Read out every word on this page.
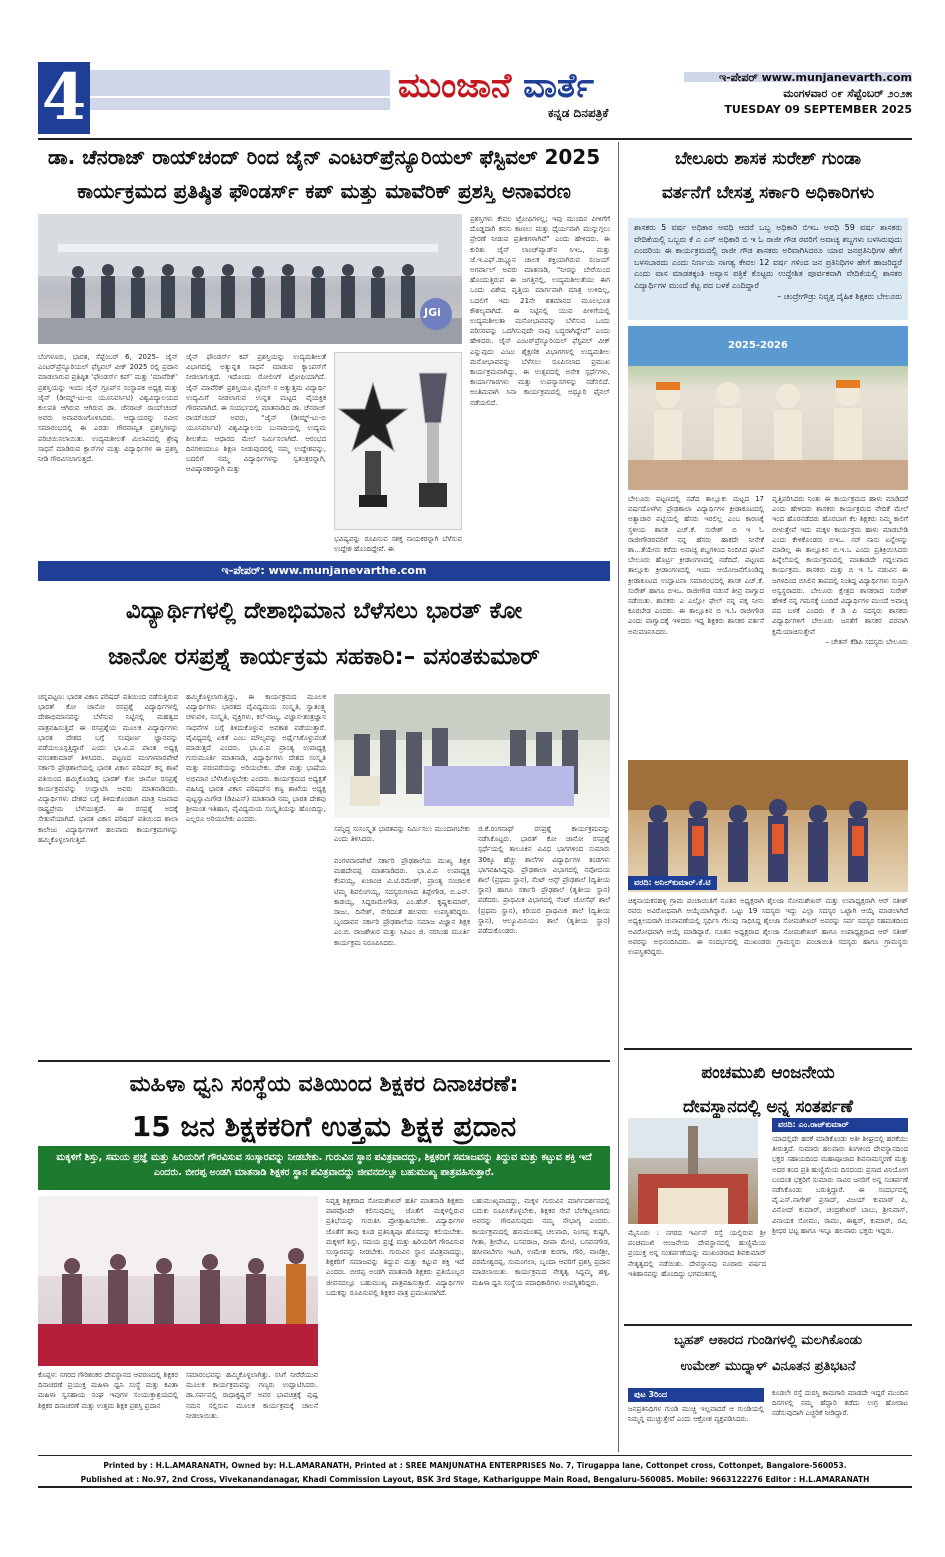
4	ಮುಂಜಾನೆ ವಾರ್ತೆ
ಕನ್ನಡ ದಿನಪತ್ರಿಕೆ
ಇ-ಪೇಪರ್ www.munjanevarth.com
ಮಂಗಳವಾರ ೦೯ ಸೆಪ್ಟೆಂಬರ್ ೨೦೨೫
TUESDAY 09 SEPTEMBER 2025
ಡಾ. ಚೆನರಾಜ್ ರಾಯ್‌ಚಂದ್ ರಿಂದ ಜೈನ್ ಎಂಟರ್‌ಪ್ರೆನ್ಯೂರಿಯಲ್ ಫೆಸ್ಟಿವಲ್ 2025
ಕಾರ್ಯಕ್ರಮದ ಪ್ರತಿಷ್ಠಿತ ಫೌಂಡರ್ಸ್ ಕಪ್ ಮತ್ತು ಮಾವೆರಿಕ್ ಪ್ರಶಸ್ತಿ ಅನಾವರಣ
JGi
ಬೆಂಗಳೂರು, ಭಾರತ, ಸೆಪ್ಟೆಂಬರ್ 6, 2025– ಜೈನ್ ಎಂಟರ್‌ಪ್ರೆನ್ಯೂರಿಯಲ್ ಫೆಸ್ಟಿವಲ್ ವೀಕ್ 2025 ರಲ್ಲಿ ಪ್ರದಾನ ಮಾಡಲಾಗುವ ಪ್ರತಿಷ್ಠಿತ ‘ಫೌಂಡರ್ಸ್ ಕಪ್’ ಮತ್ತು ‘ಮಾವೆರಿಕ್’ ಪ್ರಶಸ್ತಿಯನ್ನು ಇಂದು ಜೈನ್ ಗ್ರೂಪ್‌ನ ಸಂಸ್ಥಾಪಕ ಅಧ್ಯಕ್ಷ ಮತ್ತು ಜೈನ್ (ಡೀಮ್ಡ್-ಟು-ಬಿ ಯೂನಿವರ್ಸಿಟಿ) ವಿಶ್ವವಿದ್ಯಾಲಯದ ಕುಲಪತಿ ಆಗಿರುವ ಆಗಿರುವ ಡಾ. ಚೆನರಾಜ್ ರಾಯ್‌ಚಂದ್ ಅವರು ಅನಾವರಣಗೊಳಿಸಿದರು. ಆದ್ಯಾಯರನ್ನು ನವೀನ ಸಮಾರಂಭದಲ್ಲಿ ಈ ಎರಡು ಗೌರವಾನ್ವಿತ ಪ್ರಶಸ್ತಿಗಳನ್ನು ಪರಿಚಯಿಸಲಾಯಿತು. ಉದ್ಯಮಶೀಲತೆ ಮಿಲಾಪದಲ್ಲಿ ಶ್ರೇಷ್ಠ ಸಾಧನೆ ಮಾಡಿರುವ ಕ್ಲಾಸ್‌ಗಳ ಮತ್ತು ವಿದ್ಯಾರ್ಥಿಗಳ ಈ ಪ್ರಶಸ್ತಿ ನೀಡಿ ಗೌರವಿಸಲಾಗುತ್ತದೆ.
ಜೈನ್ ಫೌಂಡರ್ಸ್ ಕಪ್ ಪ್ರಶಸ್ತಿಯನ್ನು ಉದ್ಯಮಶೀಲತೆ ವಿಭಾಗದಲ್ಲಿ ಅತ್ಯುನ್ನತ ಸಾಧನೆ ಮಾಡುವ ಕ್ಯಾಂಪಸ್‌ಗೆ ನೀಡಲಾಗುತ್ತದೆ. ಇದೊಂದು ರೋಲಿಂಗ್ ಟ್ರೋಫಿಯಾಗಿದೆ. ಜೈನ್ ಮಾವೆರಿಕ್ ಪ್ರಶಸ್ತಿಯೂ ಫೈನಲ್ ನ ಅತ್ಯುತ್ತಮ ವಿದ್ಯಾರ್ಥಿ ಉದ್ಯಮಿಗೆ ನೀಡಲಾಗುವ ಉನ್ನತ ಮಟ್ಟದ ವೈಯಕ್ತಿಕ ಗೌರವವಾಗಿದೆ. ಈ ಸಂದರ್ಭದಲ್ಲಿ ಮಾತನಾಡಿದ ಡಾ. ಚೆನರಾಜ್ ರಾಯ್‌ಚಂದ್ ಅವರು, “ಜೈನ್ (ಡೀಮ್ಡ್-ಟು-ಬಿ ಯೂನಿವರ್ಸಿಟಿ) ವಿಶ್ವವಿದ್ಯಾಲಯ ಬುನಾದಿಯಲ್ಲಿ ಉದ್ಯಮ ಶೀಲತೆಯ ಆಧಾರದ ಮೇಲೆ ನಿರ್ಮಿಸಲಾಗಿದೆ. ಆರಂಭದ ದಿನಗಳಿಂದಲೂ ಶಿಕ್ಷಣ ನೀಡುವುದರಲ್ಲಿ ನಮ್ಮ ಉದ್ದೇಶವನ್ನು, ಬದಲಿಗೆ ನಮ್ಮ ವಿದ್ಯಾರ್ಥಿಗಳನ್ನು ಸ್ವತಂತ್ರರನ್ನಾಗಿ, ಆವಿಷ್ಕಾರಕರನ್ನಾಗಿ ಮತ್ತು
ಭವಿಷ್ಯವನ್ನು ರೂಪಿಸುವ ಸಶಕ್ತ ನಾಯಕರನ್ನಾಗಿ ಬೆಳೆಸುವ ಉದ್ದೇಶ ಹೊಂದಿದ್ದೇವೆ. ಈ
ಪ್ರಶಸ್ತಿಗಳು ಕೇವಲ ಟ್ರೋಫಿಗಳಲ್ಲ; ಇವು ಮುಂದಿನ ಪೀಳಿಗೆಗೆ ದೊಡ್ಡದಾಗಿ ಕನಸು ಕಾಣಲು ಮತ್ತು ಧೈರ್ಯವಾಗಿ ಮುನ್ನುಗ್ಗಲು ಪ್ರೇರಣೆ ನೀಡುವ ಪ್ರತೀಕಗಳಾಗಿವೆ” ಎಂದು ಹೇಳಿದರು. ಈ ಕುರಿತು ಜೈನ್ ಲಾಂಚ್‌ಪ್ಯಾಡ್‌ನ ಸಿಇಒ, ಮತ್ತು ಜೆ.ಇ.ಎಫ್.ಡಬ್ಲ್ಯೂನ ಚಾಲಕ ಶಕ್ತಿಯಾಗಿರುವ ಸಂಜಯ್ ಅಗರ್ವಾಲ್ ಅವರು ಮಾತನಾಡಿ, “ನೀರನ್ನು ಬೇರೆಯಿಂದ ಹೊಂದುತ್ತಿರುವ ಈ ಜಗತ್ತಿನಲ್ಲಿ, ಉದ್ಯಮಶೀಲತೆಯು ಈಗ ಒಂದು ವಿಶೇಷ ವೃತ್ತಿಯ ಮಾರ್ಗವಾಗಿ ಮಾತ್ರ ಉಳಿದಿಲ್ಲ, ಬದಲಿಗೆ ಇದು 21ನೇ ಶತಮಾನದ ಮೂಲಭೂತ ಕೌಶಲ್ಯವಾಗಿದೆ. ಈ ನಿಟ್ಟಿನಲ್ಲಿ ಯುವ ಪೀಳಿಗೆಯಲ್ಲಿ ಉದ್ಯಮಶೀಲತಾ ಮನೋಭಾವವನ್ನು ಬೆಳೆಸುವ ಒಂದು ಪರಿಸರವನ್ನು ಒದಗಿಸುವುದೇ ನಾವು ಬದ್ಧರಾಗಿದ್ದೇವೆ” ಎಂದು ಹೇಳಿದರು. ಜೈನ್ ಎಂಟರ್‌ಪ್ರೆನ್ಯೂರಿಯಲ್ ಫೆಸ್ಟಿವಲ್ ವೀಕ್ ಎನ್ನುವುದು ಎಂಟು ಶೈಕ್ಷಣಿಕ ವಿಭಾಗಗಳಲ್ಲಿ ಉದ್ಯಮಶೀಲ ಮನೋಭಾವವನ್ನು ಬೆಳೆಸಲು ರೂಪಿಸಲಾದ ಪ್ರಮುಖ ಕಾರ್ಯಕ್ರಮವಾಗಿದ್ದು, ಈ ಉತ್ಸವದಲ್ಲಿ ಅನೇಕ ಸ್ಪರ್ಧೆಗಳು, ಕಾರ್ಯಾಗಾರಗಳು ಮತ್ತು ಉಪನ್ಯಾಸಗಳನ್ನು ನಡೆಸಲಿದೆ. ಅಂತಿಮವಾಗಿ ಸಿನಾ ಕಾರ್ಯಕ್ರಮದಲ್ಲಿ ಅಧ್ಯೂರಿ ಫೈನಲ್ ನಡೆಯಲಿದೆ.
ಇ-ಪೇಪರ್: www.munjanevarthe.com
ವಿದ್ಯಾರ್ಥಿಗಳಲ್ಲಿ ದೇಶಾಭಿಮಾನ ಬೆಳೆಸಲು ಭಾರತ್ ಕೋ
ಜಾನೋ ರಸಪ್ರಶ್ನೆ ಕಾರ್ಯಕ್ರಮ ಸಹಕಾರಿ:– ವಸಂತಕುಮಾರ್
ಚನ್ನಪಟ್ಟಣ: ಭಾರತ ವಿಕಾಸ ಪರಿಷದ್ ವತಿಯಿಂದ ನಡೆಸುತ್ತಿರುವ ಭಾರತ್ ಕೋ ಜಾನೋ ರಸಪ್ರಶ್ನೆ ವಿದ್ಯಾರ್ಥಿಗಳಲ್ಲಿ ದೇಶಾಭಿಮಾನವನ್ನು ಬೆಳೆಸುವ ನಿಟ್ಟಿನಲ್ಲಿ ಮಹತ್ವದ ಪಾತ್ರವಹಿಸುತ್ತಿದೆ ಈ ರಸಪ್ರಶ್ನೆಯ ಮೂಲಕ ವಿದ್ಯಾರ್ಥಿಗಳು ಭಾರತ ದೇಶದ ಬಗ್ಗೆ ಸಂಪೂರ್ಣ ಜ್ಞಾನವನ್ನು ಪಡೆಯಲೂಸ್ಪತ್ತಿದ್ದಾರೆ ಎಂದು ಭಾ.ವಿ.ಪ ಪಾಂತ ಅಧ್ಯಕ್ಷ ವಸಂತಕುಮಾರ್ ತಿಳಿಸಿದರು. ಪಟ್ಟಣದ ಮಂಗಳವಾರಪೇಟೆ ಸರ್ಕಾರಿ ಪ್ರೌಢಶಾಲೆಯಲ್ಲಿ ಭಾರತ ವಿಕಾಸ ಪರಿಷದ್ ಕನ್ನ ಶಾಖೆ ವತಿಯಿಂದ ಹಮ್ಮಿಕೊಂಡಿದ್ದ ಭಾರತ್ ಕೋ ಜಾನೋ ರಸಪ್ರಶ್ನೆ ಕಾರ್ಯಕ್ರಮವನ್ನು ಉದ್ಘಾಟಿಸಿ ಅವರು ಮಾತನಾಡಿದರು. ವಿದ್ಯಾರ್ಥಿಗಳು ದೇಶದ ಬಗ್ಗೆ ತಿಳಿದುಕೊಂಡಾಗ ಮಾತ್ರ ನಿಜವಾದ ರಾಷ್ಟ್ರಪ್ರೇಮ ಬೆಳೆಯುತ್ತದೆ. ಈ ರಸಪ್ರಶ್ನೆ ಅದಕ್ಕೆ ಸೇತುವೆಯಾಗಿದೆ. ಭಾರತ ವಿಕಾಸ ಪರಿಷದ್ ವತಿಯಿಂದ ಶಾಲಾ ಕಾಲೇಜು ವಿದ್ಯಾರ್ಥಿಗಳಿಗೆ ಹಲವಾರು ಕಾರ್ಯಕ್ರಮಗಳನ್ನು ಹಮ್ಮಿಕೊಳ್ಳಲಾಗುತ್ತಿದೆ.
ಹಮ್ಮಿಕೊಳ್ಳಲಾಗುತ್ತಿದ್ದು, ಈ ಕಾರ್ಯಕ್ರಮದ ಮೂಲಕ ವಿದ್ಯಾರ್ಥಿಗಳು ಭಾರತದ ವೈವಿಧ್ಯಮಯ ಸಂಸ್ಕೃತಿ, ಸ್ವಾತಂತ್ರ್ಯ ಚಳುವಳಿ, ಸಂಸ್ಕೃತಿ, ವ್ಯಕ್ತಿಗಳು, ಕಲೆ-ನಾಟ್ಯ, ವಿಜ್ಞಾನ-ತಂತ್ರಜ್ಞಾನ ಸಾಧನೆಗಳ ಬಗ್ಗೆ ತಿಳಿದುಕೊಳ್ಳುವ ಅವಕಾಶ ಪಡೆಯುತ್ತಾರೆ. ವೈವಿಧ್ಯದಲ್ಲಿ ಏಕತೆ ಎಂಬ ಮೌಲ್ಯವನ್ನು ಅರ್ಥೈಸಿಕೊಳ್ಳುವಂತೆ ಮಾಡುತ್ತದೆ ಎಂದರು. ಭಾ.ವಿ.ಪ ಪ್ರಾಂತ್ಯ ಉಪಾಧ್ಯಕ್ಷ ಗುರುಮೂರ್ತಿ ಮಾತನಾಡಿ, ವಿದ್ಯಾರ್ಥಿಗಳು ದೇಶದ ಸಂಸ್ಕೃತಿ ಮತ್ತು ಪರಂಪರೆಯನ್ನು ಅರಿಯಬೇಕು. ದೇಶ ಮತ್ತು ಭಾಷೆಯ ಅಭಿಮಾನ ಬೆಳೆಸಿಕೊಳ್ಳಬೇಕು ಎಂದರು. ಕಾರ್ಯಕ್ರಮದ ಅಧ್ಯಕ್ಷತೆ ವಹಿಸಿದ್ದ ಭಾರತ ವಿಕಾಸ ಪರಿಷದ್‌ನ ಕಣ್ವ ಶಾಖೆಯ ಅಧ್ಯಕ್ಷ ಪುಟ್ಟಸ್ವಾಮಿಗೌಡ (ಡಿಪಿಎಸ್) ಮಾತನಾಡಿ ನಮ್ಮ ಭಾರತ ದೇಶವು ಶ್ರೀಮಂತ ಇತಿಹಾಸ, ವೈವಿಧ್ಯಮಯ ಸಂಸ್ಕೃತಿಯನ್ನು ಹೊಂದಿದ್ದು, ಎಲ್ಲರೂ ಅರಿಯಬೇಕು ಎಂದರು.
ಸಮೃದ್ಧ ಸುಸಂಸ್ಕೃತ ಭಾರತವನ್ನು ನಿರ್ಮಿಸಲು ಮುಂದಾಗಬೇಕು ಎಂದು ತಿಳಿಸಿದರು.
ವಂಗಳವಾರಪೇಟೆ ಸರ್ಕಾರಿ ಪ್ರೌಢಶಾಲೆಯ ಮುಖ್ಯ ಶಿಕ್ಷಕ ಮಹದೇವಪ್ಪ ಮಾತನಾಡಿದರು. ಭಾ.ವಿ.ಪ ಉಪಾಧ್ಯಕ್ಷ ಕೆಂಪಯ್ಯ, ಖಜಾಂಚಿ ವಿ.ಟಿ.ರಮೇಶ್, ಪ್ರಾಂತ್ಯ ಸಂಚಾಲಕ ಟಿಮ್ಮ ಶಿವಲಿಂಗಯ್ಯ, ಸದಸ್ಯರುಗಳಾದ ತಿಪ್ಪೇಗೌಡ, ಬಿ.ಎನ್. ಕಾಡಯ್ಯ, ಸಿದ್ದರಾಮೇಗೌಡ, ಎಂ.ಹೆಚ್. ಕೃಷ್ಣಕುಮಾರ್, ರಾಜು, ದಿನೇಶ್, ಸೇರಿದಂತೆ ಹಲವರು ಉಪಸ್ಥಿತರಿದ್ದರು. ಬೃಂದಾವನ ಸರ್ಕಾರಿ ಪ್ರೌಢಶಾಲೆಯ ಸಮಾಜ ವಿಜ್ಞಾನ ಶಿಕ್ಷಕ ಎಂ.ಬಿ. ರಾಜಶೇಖರ ಮತ್ತು ಸಿಪಿಎಂ ಜಿ. ನರಸಿಂಹ ಮೂರ್ತಿ ಕಾರ್ಯಕ್ರಮ ನಿರೂಪಿಸಿದರು.
ಜಿ.ಕೆ.ರಂಗನಾಥ್ ರಸಪ್ರಶ್ನೆ ಕಾರ್ಯಕ್ರಮವನ್ನು ನಡೆಸಿಕೊಟ್ಟರು. ಭಾರತ್ ಕೋ ಜಾನೋ ರಸಪ್ರಶ್ನೆ ಸ್ಪರ್ಧೆಯಲ್ಲಿ ತಾಲೂಕಿನ ವಿವಿಧ ಭಾಗಗಳಿಂದ ಸುಮಾರು 30ಕ್ಕೂ ಹೆಚ್ಚು ಶಾಲೆಗಳ ವಿದ್ಯಾರ್ಥಿಗಳ ತಂಡಗಳು ಭಾಗವಹಿಸಿದ್ದವು. ಪ್ರೌಢಶಾಲಾ ವಿಭಾಗದಲ್ಲಿ ನವೋದಯ ಶಾಲೆ (ಪ್ರಥಮ ಸ್ಥಾನ), ಸೆಂಟ್ ಆನ್ಸ್ ಪ್ರೌಢಶಾಲೆ (ದ್ವಿತೀಯ ಸ್ಥಾನ) ಹಾಗೂ ಸರ್ಕಾರಿ ಪ್ರೌಢಶಾಲೆ (ತೃತೀಯ ಸ್ಥಾನ) ಪಡೆದರು. ಪ್ರಾಥಮಿಕ ವಿಭಾಗದಲ್ಲಿ ಸೆಂಟ್ ಜೋಸೆಫ್ ಶಾಲೆ (ಪ್ರಥಮ ಸ್ಥಾನ), ಕಿರಿಯರ ಪ್ರಾಥಮಿಕ ಶಾಲೆ (ದ್ವಿತೀಯ ಸ್ಥಾನ), ಆಲ್ಯೂಮಿನಿಯಂ ಶಾಲೆ (ತೃತೀಯ ಸ್ಥಾನ) ಪಡೆದುಕೊಂಡರು.
ಮಹಿಳಾ ಧ್ವನಿ ಸಂಸ್ಥೆಯ ವತಿಯಿಂದ ಶಿಕ್ಷಕರ ದಿನಾಚರಣೆ:
15 ಜನ ಶಿಕ್ಷಕಕರಿಗೆ ಉತ್ತಮ ಶಿಕ್ಷಕ ಪ್ರದಾನ
ಮಕ್ಕಳಿಗೆ ಶಿಸ್ತು, ಸಮಯ ಪ್ರಜ್ಞೆ ಮತ್ತು ಹಿರಿಯರಿಗೆ ಗೌರವಿಸುವ ಸಂಸ್ಕಾರವನ್ನು ನೀಡಬೇಕು. ಗುರುವಿನ ಸ್ಥಾನ ಪವಿತ್ರವಾದದ್ದು, ಶಿಕ್ಷಕರಿಗೆ ಸಮಾಜವನ್ನು ತಿದ್ದುವ ಮತ್ತು ಕಟ್ಟುವ ಶಕ್ತಿ ಇದೆ ಎಂದರು. ಬೀರಪ್ಪ ಅಂಡಗಿ ಮಾತನಾಡಿ ಶಿಕ್ಷಕರ ಸ್ಥಾನ ಪವಿತ್ರವಾದದ್ದು ಜೀವನದಲ್ಲೂ ಬಹುಮುಖ್ಯ ಪಾತ್ರವಹಿಸುತ್ತಾರೆ.
ಕೊಪ್ಪಳ: ನಗರದ ಗೌರಿಶಂಕರ ದೇವಸ್ಥಾನದ ಆವರಣದಲ್ಲಿ ಶಿಕ್ಷಕರ ದಿನಾಚರಣೆ ಪ್ರಯುಕ್ತ ಮಹಿಳಾ ಧ್ವನಿ ಸಂಸ್ಥೆ ಮತ್ತು ಕವಿತಾ ಮಹಿಳಾ ಸ್ವಸಹಾಯ ಸಂಘ ಇವುಗಳ ಸಂಯುಕ್ತಾಶ್ರಯದಲ್ಲಿ ಶಿಕ್ಷಕರ ದಿನಾಚರಣೆ ಮತ್ತು ಉತ್ತಮ ಶಿಕ್ಷಕ ಪ್ರಶಸ್ತಿ ಪ್ರದಾನ
ಸಮಾರಂಭವನ್ನು ಹಮ್ಮಿಕೊಳ್ಳಲಾಗಿತ್ತು. ಸಸಿಗೆ ನೀರೆರೆಯುವ ಮೂಲಕ ಕಾರ್ಯಕ್ರಮವನ್ನು ಗಣ್ಯರು ಉದ್ಘಾಟಿಸಿದರು. ಡಾ.ಸರ್ವಪಲ್ಲಿ ರಾಧಾಕೃಷ್ಣನ್ ಅವರ ಭಾವಚಿತ್ರಕ್ಕೆ ಪುಷ್ಪ ನಮನ ಸಲ್ಲಿಸುವ ಮೂಲಕ ಕಾರ್ಯಕ್ರಮಕ್ಕೆ ಚಾಲನೆ ನೀಡಲಾಯಿತು.
ನಿವೃತ್ತ ಶಿಕ್ಷಕರಾದ ಸೋಮಶೇಖರ್ ಹರ್ತಿ ಮಾತನಾಡಿ ಶಿಕ್ಷಕರು ಪಾಠವೊಂದೇ ಕಲಿಸುವುದಲ್ಲ ಜೊತೆಗೆ ಮಕ್ಕಳಲ್ಲಿರುವ ಪ್ರತಿಭೆಯನ್ನು ಗುರುತಿಸಿ ಪ್ರೋತ್ಸಾಹಿಸಬೇಕು. ವಿದ್ಯಾರ್ಥಿಗಳ ಜೊತೆಗೆ ತಾವು ಕೂಡ ಪ್ರತಿನಿತ್ಯವೂ ಹೊಸದನ್ನು ಕಲಿಯಬೇಕು. ಮಕ್ಕಳಿಗೆ ಶಿಸ್ತು, ಸಮಯ ಪ್ರಜ್ಞೆ ಮತ್ತು ಹಿರಿಯರಿಗೆ ಗೌರವಿಸುವ ಸಂಸ್ಕಾರವನ್ನು ನೀಡಬೇಕು. ಗುರುವಿನ ಸ್ಥಾನ ಪವಿತ್ರವಾದದ್ದು, ಶಿಕ್ಷಕರಿಗೆ ಸಮಾಜವನ್ನು ತಿದ್ದುವ ಮತ್ತು ಕಟ್ಟುವ ಶಕ್ತಿ ಇದೆ ಎಂದರು. ಬೀರಪ್ಪ ಅಂಡಗಿ ಮಾತನಾಡಿ ಶಿಕ್ಷಕರು ಪ್ರತಿಯೊಬ್ಬರ ಜೀವನದಲ್ಲೂ ಬಹುಮುಖ್ಯ ಪಾತ್ರವಹಿಸುತ್ತಾರೆ. ವಿದ್ಯಾರ್ಥಿಗಳ ಬದುಕನ್ನು ರೂಪಿಸುವಲ್ಲಿ ಶಿಕ್ಷಕರ ಪಾತ್ರ ಪ್ರಮುಖವಾಗಿದೆ.
ಬಹುಮುಖ್ಯವಾದದ್ದು, ಮಕ್ಕಳ ಗುರುವಿನ ಮಾರ್ಗದರ್ಶನದಲ್ಲಿ ಬದುಕು ರೂಪಿಸಿಕೊಳ್ಳಬೇಕು, ಶಿಕ್ಷಕರ ಸೇವೆ ಬೆಲೆಕಟ್ಟಲಾಗದು ಅವರನ್ನು ಗೌರವಿಸುವುದು ನಮ್ಮ ಸೌಭಾಗ್ಯ ಎಂದರು. ಕಾರ್ಯಕ್ರಮದಲ್ಲಿ ಹನುಮಂತಪ್ಪ ಚಲವಾದಿ, ನಿಂಗಪ್ಪ ಕುಷ್ಟಗಿ, ಗೀತಾ, ಶ್ರೀದೇವಿ, ಬಸವರಾಜ, ದೀಪಾ ಮೇಟಿ, ಬಸವನಗೌಡ, ಹಸೀನಾಬೇಗಂ ಇಟಗಿ, ಉಮೇಶ ಕುರಗಾ, ಗೌರಿ, ವಾಣಿಶ್ರೀ, ಪರಮೇಶ್ವರಪ್ಪ, ಸುಮಂಗಲಾ, ಬೃಂದಾ ಆವರಿಗೆ ಪ್ರಶಸ್ತಿ ಪ್ರದಾನ ಮಾಡಲಾಯಿತು. ಕಾರ್ಯಕ್ರಮದ ನೇತೃತ್ವ ಸಿದ್ದಮ್ಮ ಹಳ್ಳಿ, ಮಹಿಳಾ ಧ್ವನಿ ಸಂಸ್ಥೆಯ ಪದಾಧಿಕಾರಿಗಳು ಉಪಸ್ಥಿತರಿದ್ದರು.
ಬೇಲೂರು ಶಾಸಕ ಸುರೇಶ್ ಗುಂಡಾ
ವರ್ತನೆಗೆ ಬೇಸತ್ತ ಸರ್ಕಾರಿ ಅಧಿಕಾರಿಗಳು
ಶಾಸಕರು 5 ವರ್ಷ ಅಧಿಕಾರ ಅವಧಿ ಆದರೆ ಒಬ್ಬ ಅಧಿಕಾರಿ ಬಿಇಒ ಅವಧಿ 59 ವರ್ಷ ಶಾಸಕರು ವೇದಿಕೆಯಲ್ಲಿ ಒಬ್ಬರು ಕೆ ಎ ಎಸ್ ಅಧಿಕಾರಿ ಬಿ ಇ ಓ ರಾಜೀ ಗೌಡ ರವರಿಗೆ ಅವಾಚ್ಯ ಶಬ್ದಗಳು ಬಳಸಿರುವುದು ಎಂದರಿಯ ಈ ಕಾರ್ಯಕ್ರಮದಲ್ಲಿ ರಾಜೀ ಗೌಡ ಶಾಸಕರು ಅರಿವಾಗಿಸಿದರೂ ಯಾವ ಜನಪ್ರತಿನಿಧಿಗಳ ಹೇಗೆ ಬಳಸಬಾರದು ಎಂದು ನಿರ್ಣಯ ನಾಗತ್ವ ಕೇವಲ 12 ವರ್ಷ ಗಳಿಂದ ಜನ ಪ್ರತಿನಿಧಿಗಳ ಹೇಗೆ ಹಾಜರಿದ್ದರೆ ಎಂದು ವಾಸ ಮಾಡತಕ್ಕಂತಿ ಅವ್ಯಾಸ ಪತ್ರಿಕೆ ಕೊಟ್ಟರು ಉದ್ದೇಶಿತ ಪೂರ್ವಕವಾಗಿ ವೇದಿಕೆಯಲ್ಲಿ ಶಾಸಕರ ವಿದ್ಯಾರ್ಥಿಗಳ ಮುಂದೆ ಕೆಟ್ಟ ಪದ ಬಳಕೆ ಎಂದಿದ್ದಾರೆ
– ಚಂದ್ರೇಗೌಡ್ರು ನಿವೃತ್ತ ದೈಹಿಕ ಶಿಕ್ಷಕರು ಬೇಲೂರು
2025-2026
ಬೇಲೂರು ಪಟ್ಟಣದಲ್ಲಿ ನಡೆದ ತಾಲ್ಲೂಕು ಮಟ್ಟದ 17 ವರ್ಷದೊಳಗಿನ ಪ್ರೌಢಶಾಲಾ ವಿದ್ಯಾರ್ಥಿಗಳ ಕ್ರೀಡಾಕೂಟದಲ್ಲಿ ಅತ್ಯಾಚಾರ ಪಟ್ಟಿಯಲ್ಲಿ ಹೆಸರು ಇರಲಿಲ್ಲ ಎಂಬ ಕಾರಣಕ್ಕೆ ಸ್ಥಳೀಯ ಶಾಸಕ ಎಚ್.ಕೆ. ಸುರೇಶ್ ಬಿ ಇ ಓ ರಾಜೀಗೌಡರವರಿಗೆ ನನ್ನ ಹೆಸರು ಹಾಕದೇ ನೀನೇಕೆ ಶಾ...ತೆಯೇನು ಕರೆದು ಅವಾಚ್ಯ ಶಬ್ದಗಳಿಂದ ನಿಂದಿಸಿದ ಘಟನೆ ಬೇಲೂರು ಹೊರ್ಟ್ರ ಕ್ರೀಡಾಂಗಣದಲ್ಲಿ ನಡೆದಿದೆ. ಪಟ್ಟಣದ ತಾಲ್ಲೂಕು ಕ್ರೀಡಾಂಗಣದಲ್ಲಿ ಇಂದು ಆಯೋಜನೆಗೊಂಡಿದ್ದ ಕ್ರೀಡಾಕೂಟದ ಉದ್ಘಾಟನಾ ಸಮಾರಂಭದಲ್ಲಿ ಶಾಸಕ ಎಚ್.ಕೆ. ಸುರೇಶ್ ಹಾಗೂ ಬಿಇಒ. ರಾಜೀಗೌಡ ನಡುವೆ ತೀವ್ರ ವಾಗ್ವಾದ ನಡೆಯಿತು. ಶಾಸಕರು ಎ ಎಲ್ಲೋ ಫೇಲ್ ನನ್ನ ಪಕ್ಕ ನೀನು ಕೂರಬೇಡ ಎಂದರು. ಈ ತಾಲ್ಲೂಕಿನ ಬಿ ಇ.ಓ ರಾಜೀಗೌಡ ಎಂದು ವಾಗ್ವಾದಕ್ಕೆ ಇಳಿದರು ಇದ್ದ ಶಿಕ್ಷಕರು ಶಾಸಕರ ವರ್ತನೆ ಅನುಮಾನಿಸಿದರು.
ವೃತ್ತಿಪರಿಸಿದರು ನಿಂತು ಈ ಕಾರ್ಯಕ್ರಮದ ಹಾಳು ಮಾಡಿದರೆ ಎಂದು ಹೇಳಿದರು ಶಾಸಕರು ಕಾರ್ಯಕ್ರಮದ ವೇದಿಕೆ ಮೇಲೆ ಇಂದ ಹೊರನಡೆದರು ಹೊರಬಾಗ ಕೆಲ ಶಿಕ್ಷಕರು ನಿಮ್ಮ ಕಾಲಿಗೆ ಬೀಳುತ್ತೇವೆ ಇದು ಮಕ್ಕಳ ಕಾರ್ಯಕ್ರಮ ಹಾಳು ಮಾಡಬೇಡಿ ಎಂದು ಕೇಳಿಕೊಂಡರು ಬಿಇಒ. ಸರ್ ನಾನು ಏನ್ನೇಳನ್ನು ಮಾಡಿಲ್ಲ ಈ ತಾಲ್ಲೂಕಿನ ಬಿ.ಇ.ಒ ಎಂದು ಪ್ರತಿಕ್ರಿಯಿಸಿದರು ಹಿನ್ನೆಲೆಯಲ್ಲಿ ಕಾರ್ಯಕ್ರಮದಲ್ಲಿ ಮಾತಾಡದೇ ಗದ್ದಲವಾದ ಕಾರ್ಯಕ್ರಮ. ಶಾಸಕರು ಮತ್ತು ಬಿ ಇ ಓ ನಡುವಿನ ಈ ಜಗಳದಿಂದ ಬಿಸಿಲಿನ ತಾಪದಲ್ಲಿ ನಿಂತಿದ್ದ ವಿದ್ಯಾರ್ಥಿಗಳು ಸುಸ್ತಾಗಿ ಅಸ್ವಸ್ಥರಾದರು. ಬೇಲೂರು ಕ್ಷೇತ್ರದ ಶಾಸಕರಾದ ಸುರೇಶ್ ಹೇಳಿಕೆ ನನ್ನ ಗಮನಕ್ಕೆ ಬಂದಿದೆ ವಿದ್ಯಾರ್ಥಿಗಳ ಮುಂದೆ ಅವಾಚ್ಯ ಪದ ಬಳಕೆ ಎಂದರು ಕೆ ಡಿ ಪಿ ಸದಸ್ಯರು ಶಾಸಕರು ವಿದ್ಯಾರ್ಥಿಗಳಿಗೆ ಬೇಲೂರು ಜನತೆಗೆ ಶಾಸಕರ ಪರವಾಗಿ ಕ್ಷಮೆಯಾಚಿಸುತ್ತೇವೆ
– ಚೇತನ್ ಕೆಡಿಪಿ ಸದಸ್ಯರು ಬೇಲೂರು
ವರದಿ: ಅನಿಲ್‌ಕುಮಾರ್.ಕೆ.ಟಿ
ಚಿಕ್ಕನಾಯಕನಹಳ್ಳಿ ಗ್ರಾಮ ಪಂಚಾಯಿತಿಗೆ ನೂತನ ಅಧ್ಯಕ್ಷರಾಗಿ ಶೈಲಜಾ ಸೋಮಶೇಖರ್ ಮತ್ತು ಉಪಾಧ್ಯಕ್ಷರಾಗಿ ಆರ್ ಸತೀಶ್ ರವರು ಅವಿರೋಧವಾಗಿ ಆಯ್ಕೆಯಾಗಿದ್ದಾರೆ. ಒಟ್ಟು 19 ಸದಸ್ಯರು ಇದ್ದು ಎಲ್ಲಾ ಸದಸ್ಯರ ಒಟ್ಟಾಗಿ ಆಯ್ಕೆ ಮಾಡಲಾಗಿದೆ ಅಧ್ಯಕ್ಷೀಯರಾಗಿ ಚುನಾವಣೆಯಲ್ಲಿ ಸ್ಪರ್ಧಿಸಿ ಗೆಲುವು ಸಾಧಿಸಿದ್ದ ಶೈಲಜಾ ಸೋಮಶೇಖರ್ ಅವರನ್ನು ಸರ್ವ ಸದಸ್ಯರ ಸಹಮತದಿಂದ ಅವಿರೋಧವಾಗಿ ಆಯ್ಕೆ ಮಾಡಿದ್ದಾರೆ. ನೂತನ ಅಧ್ಯಕ್ಷರಾದ ಶೈಲಜಾ ಸೋಮಶೇಖರ್ ಹಾಗೂ ಉಪಾಧ್ಯಕ್ಷರಾದ ಆರ್ ಸತೀಶ್ ಅವರನ್ನು ಅಭಿನಂದಿಸಿದರು. ಈ ಸಂದರ್ಭದಲ್ಲಿ ಮುಖಂಡರು ಗ್ರಾಮಸ್ಥರು ಪಂಚಾಯಿತಿ ಸದಸ್ಯರು ಹಾಗೂ ಗ್ರಾಮಸ್ಥರು ಉಪಸ್ಥಿತರಿದ್ದರು.
ಪಂಚಮುಖಿ ಆಂಜನೇಯ
ದೇವಸ್ಥಾನದಲ್ಲಿ ಅನ್ನ ಸಂತರ್ಪಣೆ
ವರದಿ: ಎಂ.ರಾಜ್‌ಕುಮಾರ್
ಯಾದಲ್ಲಿದೇ ಹರಕೆ ಮಾಡಿಕೊಂಡು ಅತೀ ಶೀಘ್ರದಲ್ಲಿ ಹರಕೆಯು ತೀರುತ್ತದೆ. ಸುಮಾರು ಹಲವಾರು ತಿಂಗಳಿಂದ ದೇವಸ್ಥಾನದಿಂದ ಭಕ್ತರ ಸಹಾಯದಿಂದ ಮಹಾಪೂಜಾದ ಶಿವನಾಮಸ್ಮರಣೆ ಮತ್ತು ಅದರ ತಂದ ಪ್ರತಿ ಹುಣ್ಣಿಮೆಯ ದಿನದಂದು ಪ್ರಸಾದ ವಿನಿಯೋಗ ಬಂದಂತ ಭಕ್ತರಿಗೆ ಸುಮಾರು ಸಾವಿರ ಜನರಿಗೆ ಅನ್ನ ಸಂತರ್ಪಣೆ ನಡೆಸಿಕೊಂಡು ಬರುತ್ತಿದ್ದಾರೆ. ಈ ಸಂದರ್ಭದಲ್ಲಿ ವೈ.ಎಸ್.ನಾಗೇಶ್ ಪ್ರಸಾದ್, ವಿಜಯ್ ಕುಮಾರ್ ಪಿ, ವಿನೋದ್ ಕುಮಾರ್, ಚಂದ್ರಶೇಖರ್ ಬಾಬು, ಶ್ರೀನಿವಾಸ್, ವಿನಾಯಕ ಸೋಮು, ರಾಮು, ಈಶ್ವರ್, ಕುಮಾರ್, ರವಿ, ಶ್ರೀಧರ ಭಟ್ಟ ಹಾಗೂ ಇನ್ನೂ ಹಲವಾರು ಭಕ್ತರು ಇದ್ದರು.
ಮೈಸೂರು : ನಗರದ ಇರ್ವಿನ್ ರಸ್ತೆ ಯಲ್ಲಿರುವ ಶ್ರೀ ಪಂಚಮುಖಿ ಆಂಜನೇಯ ದೇವಸ್ಥಾನದಲ್ಲಿ ಹುಣ್ಣಿಮೆಯ ಪ್ರಯುಕ್ತ ಅನ್ನ ಸಂತರ್ಪಣೆಯನ್ನು ಮುಖಂಡರಾದ ಶಿವಕುಮಾರ್ ನೇತೃತ್ವದಲ್ಲಿ ನಡೆಯಿತು. ದೇವಸ್ಥಾನವು ನೂರಾರು ವರ್ಷದ ಇತಿಹಾಸವನ್ನು ಹೊಂದಿದ್ದು ಭಗವಂತನಲ್ಲಿ
ಬೃಹತ್ ಆಕಾರದ ಗುಂಡಿಗಳಲ್ಲಿ ಮಲಗಿಕೊಂಡು
ಉಮೇಶ್ ಮುದ್ನಾಳ್ ವಿನೂತನ ಪ್ರತಿಭಟನೆ
ಪುಟ 3ರಿಂದ
ಜನಪ್ರತಿನಿಧಿಗಳ ಗುಂಡಿ ಮುಚ್ಚಿ ಇಲ್ಲವಾದರೆ ಆ ಗುಂಡಿಯಲ್ಲಿ ನಿಮ್ಮನ್ನ ಮುಚ್ಚುತ್ತೇವೆ ಎಂದು ಆಕ್ರೋಶ ವ್ಯಕ್ತಪಡಿಸಿದರು.
ಕೂಡಲೇ ರಸ್ತೆ ದುರಸ್ತಿ ಕಾಮಗಾರಿ ಮಾಡದೇ ಇದ್ದರೆ ಮುಂದಿನ ದಿನಗಳಲ್ಲಿ ನಮ್ಮ ಹೆದ್ದಾರಿ ತಡೆದು ಉಗ್ರ ಹೋರಾಟ ನಡೆಸುವುದಾಗಿ ಎಚ್ಚರಿಕೆ ನೀಡಿದ್ದಾರೆ.
Printed by : H.L.AMARANATH, Owned by: H.L.AMARANATH, Printed at : SREE MANJUNATHA ENTERPRISES No. 7, Tirugappa lane, Cottonpet cross, Cottonpet, Bangalore-560053.
Published at : No.97, 2nd Cross, Vivekanandanagar, Khadi Commission Layout, BSK 3rd Stage, Kathariguppe Main Road, Bengaluru-560085. Mobile: 9663122276 Editor : H.L.AMARANATH
